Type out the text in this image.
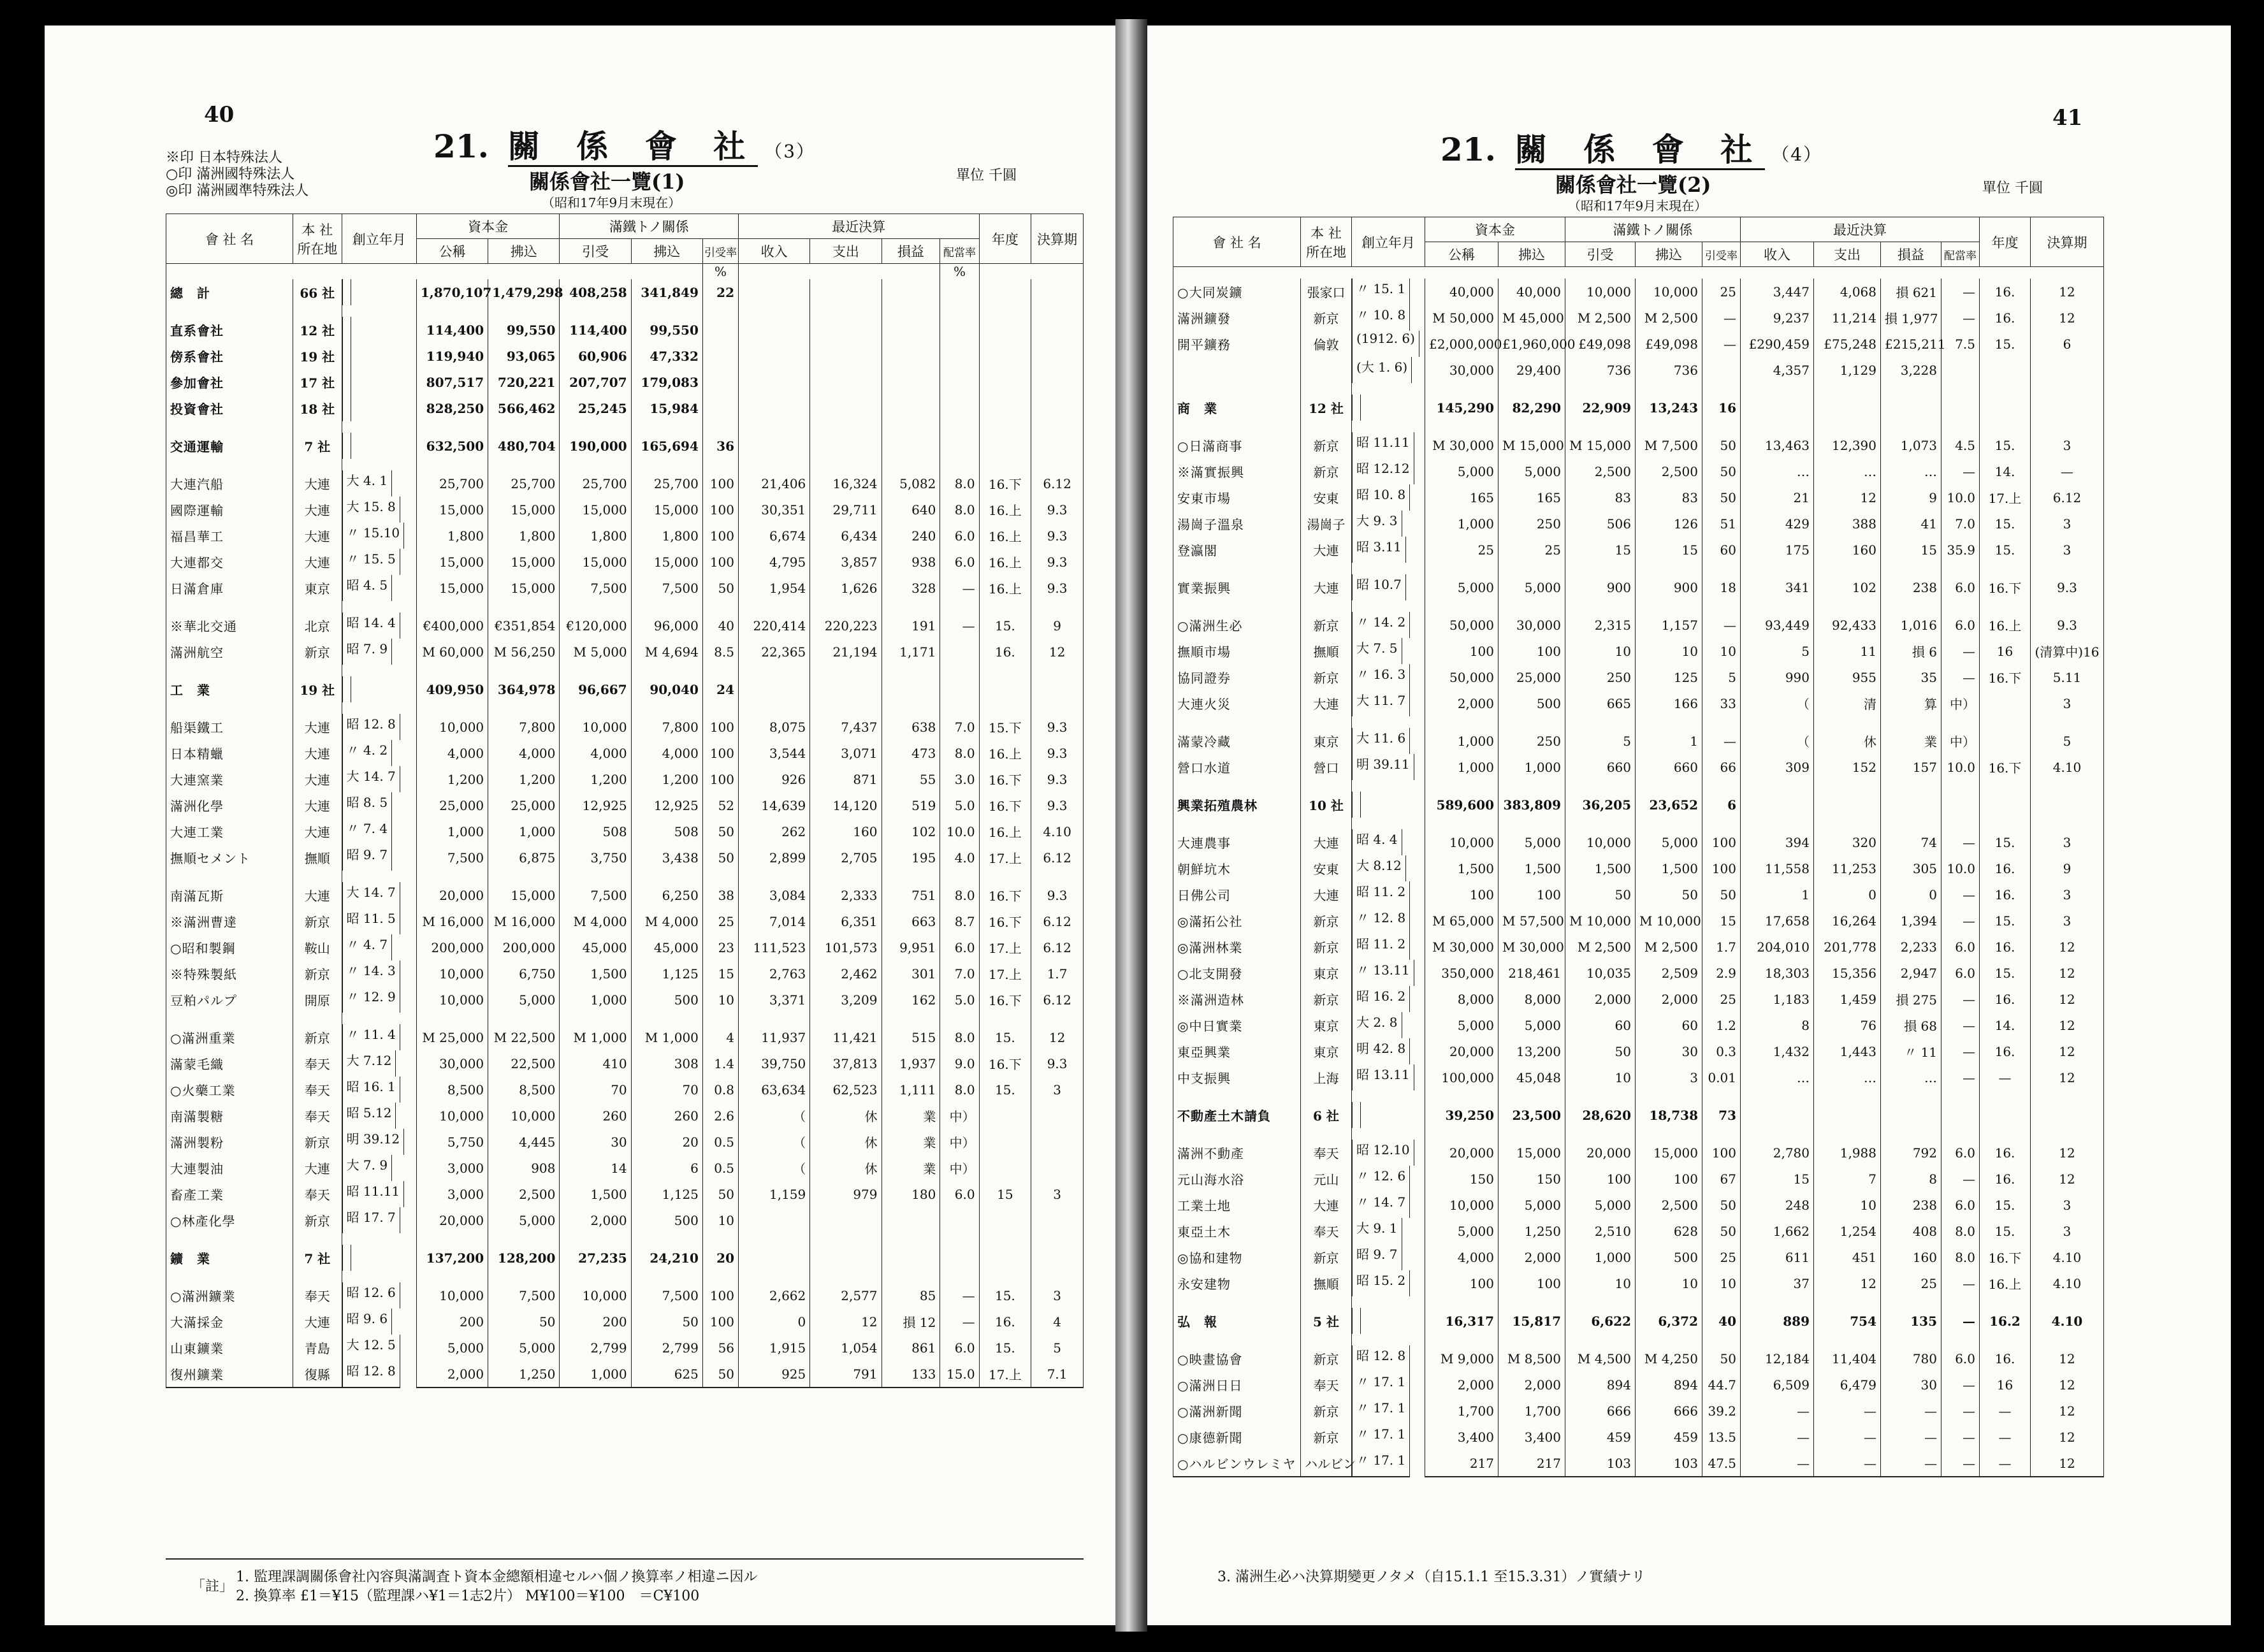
40
※印 日本特殊法人
○印 滿洲國特殊法人
◎印 滿洲國準特殊法人
21. 關 係 會 社 （3）
關係會社一覽(1)
（昭和17年9月末現在）
單位 千圓
會 社 名	本 社
所在地	創立年月	資本金		滿鐵トノ關係			最近決算				年度	決算期
			公稱	拂込	引受	拂込	引受率	收入	支出	損益	配當率		
							%				%		
總　計	66 社	1,870,107	1,479,298	408,258	341,849	22						

直系會社	12 社	114,400	99,550	114,400	99,550							
傍系會社	19 社	119,940	93,065	60,906	47,332							
參加會社	17 社	807,517	720,221	207,707	179,083							
投資會社	18 社	828,250	566,462	25,245	15,984							

交通運輸	7 社	632,500	480,704	190,000	165,694	36						

大連汽船	大連		大 4. 1	25,700	25,700	25,700	25,700	100	21,406	16,324	5,082	8.0	16.下	6.12
國際運輸	大連		大 15. 8	15,000	15,000	15,000	15,000	100	30,351	29,711	640	8.0	16.上	9.3
福昌華工	大連		〃 15.10	1,800	1,800	1,800	1,800	100	6,674	6,434	240	6.0	16.上	9.3
大連都交	大連		〃 15. 5	15,000	15,000	15,000	15,000	100	4,795	3,857	938	6.0	16.上	9.3
日滿倉庫	東京		昭 4. 5	15,000	15,000	7,500	7,500	50	1,954	1,626	328	—	16.上	9.3

※華北交通	北京		昭 14. 4	€400,000	€351,854	€120,000	96,000	40	220,414	220,223	191	—	15.	9
滿洲航空	新京		昭 7. 9	M 60,000	M 56,250	M 5,000	M 4,694	8.5	22,365	21,194	1,171		16.	12

工　業	19 社	409,950	364,978	96,667	90,040	24						

船渠鐵工	大連		昭 12. 8	10,000	7,800	10,000	7,800	100	8,075	7,437	638	7.0	15.下	9.3
日本精蠟	大連		〃 4. 2	4,000	4,000	4,000	4,000	100	3,544	3,071	473	8.0	16.上	9.3
大連窯業	大連		大 14. 7	1,200	1,200	1,200	1,200	100	926	871	55	3.0	16.下	9.3
滿洲化學	大連		昭 8. 5	25,000	25,000	12,925	12,925	52	14,639	14,120	519	5.0	16.下	9.3
大連工業	大連		〃 7. 4	1,000	1,000	508	508	50	262	160	102	10.0	16.上	4.10
撫順セメント	撫順		昭 9. 7	7,500	6,875	3,750	3,438	50	2,899	2,705	195	4.0	17.上	6.12

南滿瓦斯	大連		大 14. 7	20,000	15,000	7,500	6,250	38	3,084	2,333	751	8.0	16.下	9.3
※滿洲曹達	新京		昭 11. 5	M 16,000	M 16,000	M 4,000	M 4,000	25	7,014	6,351	663	8.7	16.下	6.12
○昭和製鋼	鞍山		〃 4. 7	200,000	200,000	45,000	45,000	23	111,523	101,573	9,951	6.0	17.上	6.12
※特殊製紙	新京		〃 14. 3	10,000	6,750	1,500	1,125	15	2,763	2,462	301	7.0	17.上	1.7
豆粕パルプ	開原		〃 12. 9	10,000	5,000	1,000	500	10	3,371	3,209	162	5.0	16.下	6.12

○滿洲重業	新京		〃 11. 4	M 25,000	M 22,500	M 1,000	M 1,000	4	11,937	11,421	515	8.0	15.	12
滿蒙毛織	奉天		大 7.12	30,000	22,500	410	308	1.4	39,750	37,813	1,937	9.0	16.下	9.3
○火藥工業	奉天		昭 16. 1	8,500	8,500	70	70	0.8	63,634	62,523	1,111	8.0	15.	3
南滿製糖	奉天		昭 5.12	10,000	10,000	260	260	2.6	（	休	業	中）		
滿洲製粉	新京		明 39.12	5,750	4,445	30	20	0.5	（	休	業	中）		
大連製油	大連		大 7. 9	3,000	908	14	6	0.5	（	休	業	中）		
畜產工業	奉天		昭 11.11	3,000	2,500	1,500	1,125	50	1,159	979	180	6.0	15	3
○林產化學	新京		昭 17. 7	20,000	5,000	2,000	500	10						

鑛　業	7 社	137,200	128,200	27,235	24,210	20						

○滿洲鑛業	奉天		昭 12. 6	10,000	7,500	10,000	7,500	100	2,662	2,577	85	—	15.	3
大滿採金	大連		昭 9. 6	200	50	200	50	100	0	12	損 12	—	16.	4
山東鑛業	青島		大 12. 5	5,000	5,000	2,799	2,799	56	1,915	1,054	861	6.0	15.	5
復州鑛業	復縣		昭 12. 8	2,000	1,250	1,000	625	50	925	791	133	15.0	17.上	7.1
「註」
1. 監理課調關係會社內容與滿調査ト資本金總額相違セルハ個ノ換算率ノ相違ニ因ル
2. 換算率 £1＝¥15（監理課ハ¥1＝1志2片） M¥100＝¥100　＝C¥100
41
21. 關 係 會 社 （4）
關係會社一覽(2)
（昭和17年9月末現在）
單位 千圓
會 社 名	本 社
所在地	創立年月	資本金		滿鐵トノ關係			最近決算				年度	決算期
			公稱	拂込	引受	拂込	引受率	收入	支出	損益	配當率		

○大同炭鑛	張家口	〃 15. 1	40,000	40,000	10,000	10,000	25	3,447	4,068	損 621	—	16.	12
滿洲鑛發	新京		〃 10. 8	M 50,000	M 45,000	M 2,500	M 2,500	—	9,237	11,214	損 1,977	—	16.	12
開平鑛務	倫敦		(1912. 6)	£2,000,000	£1,960,000	£49,098	£49,098	—	£290,459	£75,248	£215,211	7.5	15.	6

(大 1. 6)	30,000	29,400	736	736		4,357	1,129	3,228			

商　業	12 社	145,290	82,290	22,909	13,243	16						

○日滿商事	新京		昭 11.11	M 30,000	M 15,000	M 15,000	M 7,500	50	13,463	12,390	1,073	4.5	15.	3
※滿實振興	新京		昭 12.12	5,000	5,000	2,500	2,500	50	…	…	…	—	14.	—
安東市場	安東		昭 10. 8	165	165	83	83	50	21	12	9	10.0	17.上	6.12
湯崗子溫泉	湯崗子	大 9. 3	1,000	250	506	126	51	429	388	41	7.0	15.	3
登瀛閣	大連		昭 3.11	25	25	15	15	60	175	160	15	35.9	15.	3

實業振興	大連		昭 10.7	5,000	5,000	900	900	18	341	102	238	6.0	16.下	9.3

○滿洲生必	新京		〃 14. 2	50,000	30,000	2,315	1,157	—	93,449	92,433	1,016	6.0	16.上	9.3
撫順市場	撫順		大 7. 5	100	100	10	10	10	5	11	損 6	—	16	(清算中)16
協同證券	新京		〃 16. 3	50,000	25,000	250	125	5	990	955	35	—	16.下	5.11
大連火災	大連		大 11. 7	2,000	500	665	166	33	（	清	算	中）		3

滿蒙冷藏	東京		大 11. 6	1,000	250	5	1	—	（	休	業	中）		5
營口水道	營口		明 39.11	1,000	1,000	660	660	66	309	152	157	10.0	16.下	4.10

興業拓殖農林	10 社	589,600	383,809	36,205	23,652	6						

大連農事	大連		昭 4. 4	10,000	5,000	10,000	5,000	100	394	320	74	—	15.	3
朝鮮坑木	安東		大 8.12	1,500	1,500	1,500	1,500	100	11,558	11,253	305	10.0	16.	9
日佛公司	大連		昭 11. 2	100	100	50	50	50	1	0	0	—	16.	3
◎滿拓公社	新京		〃 12. 8	M 65,000	M 57,500	M 10,000	M 10,000	15	17,658	16,264	1,394	—	15.	3
◎滿洲林業	新京		昭 11. 2	M 30,000	M 30,000	M 2,500	M 2,500	1.7	204,010	201,778	2,233	6.0	16.	12
○北支開發	東京		〃 13.11	350,000	218,461	10,035	2,509	2.9	18,303	15,356	2,947	6.0	15.	12
※滿洲造林	新京		昭 16. 2	8,000	8,000	2,000	2,000	25	1,183	1,459	損 275	—	16.	12
◎中日實業	東京		大 2. 8	5,000	5,000	60	60	1.2	8	76	損 68	—	14.	12
東亞興業	東京		明 42. 8	20,000	13,200	50	30	0.3	1,432	1,443	〃 11	—	16.	12
中支振興	上海		昭 13.11	100,000	45,048	10	3	0.01	…	…	…	—	—	12

不動產土木請負	6 社	39,250	23,500	28,620	18,738	73						

滿洲不動產	奉天		昭 12.10	20,000	15,000	20,000	15,000	100	2,780	1,988	792	6.0	16.	12
元山海水浴	元山		〃 12. 6	150	150	100	100	67	15	7	8	—	16.	12
工業土地	大連		〃 14. 7	10,000	5,000	5,000	2,500	50	248	10	238	6.0	15.	3
東亞土木	奉天		大 9. 1	5,000	1,250	2,510	628	50	1,662	1,254	408	8.0	15.	3
◎協和建物	新京		昭 9. 7	4,000	2,000	1,000	500	25	611	451	160	8.0	16.下	4.10
永安建物	撫順		昭 15. 2	100	100	10	10	10	37	12	25	—	16.上	4.10

弘　報	5 社	16,317	15,817	6,622	6,372	40	889	754	135	—	16.2	4.10

○映畫協會	新京		昭 12. 8	M 9,000	M 8,500	M 4,500	M 4,250	50	12,184	11,404	780	6.0	16.	12
○滿洲日日	奉天		〃 17. 1	2,000	2,000	894	894	44.7	6,509	6,479	30	—	16	12
○滿洲新聞	新京		〃 17. 1	1,700	1,700	666	666	39.2	—	—	—	—	—	12
○康德新聞	新京		〃 17. 1	3,400	3,400	459	459	13.5	—	—	—	—	—	12
○ハルビンウレミヤ	ハルビン	〃 17. 1	217	217	103	103	47.5	—	—	—	—	—	12
3. 滿洲生必ハ決算期變更ノタメ（自15.1.1 至15.3.31）ノ實績ナリ
